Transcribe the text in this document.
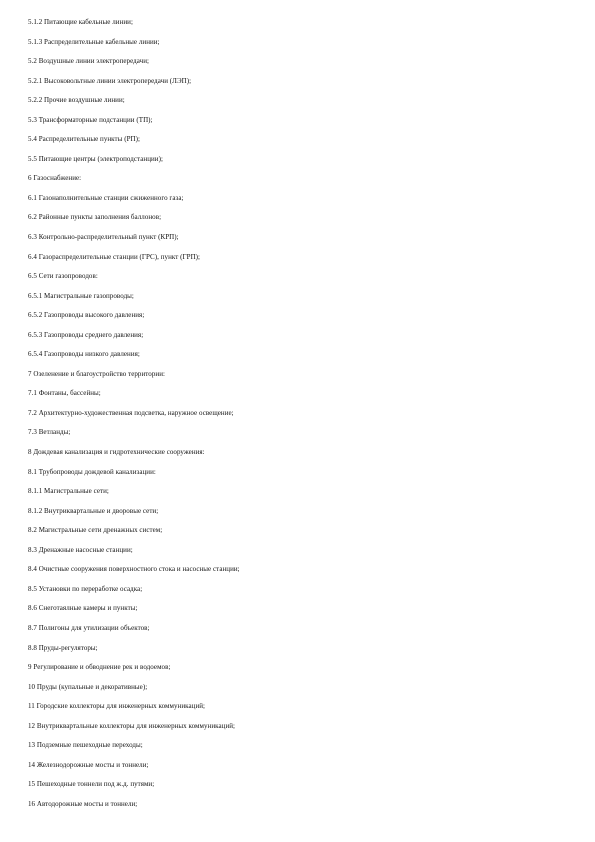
5.1.2 Питающие кабельные линии;
5.1.3 Распределительные кабельные линии;
5.2 Воздушные линии электропередачи;
5.2.1 Высоковольтные линии электропередачи (ЛЭП);
5.2.2 Прочие воздушные линии;
5.3 Трансформаторные подстанции (ТП);
5.4 Распределительные пункты (РП);
5.5 Питающие центры (электроподстанции);
6 Газоснабжение:
6.1 Газонаполнительные станции сжиженного газа;
6.2 Районные пункты заполнения баллонов;
6.3 Контрольно-распределительный пункт (КРП);
6.4 Газораспределительные станции (ГРС), пункт (ГРП);
6.5 Сети газопроводов:
6.5.1 Магистральные газопроводы;
6.5.2 Газопроводы высокого давления;
6.5.3 Газопроводы среднего давления;
6.5.4 Газопроводы низкого давления;
7 Озеленение и благоустройство территории:
7.1 Фонтаны, бассейны;
7.2 Архитектурно-художественная подсветка, наружное освещение;
7.3 Ветланды;
8 Дождевая канализация и гидротехнические сооружения:
8.1 Трубопроводы дождевой канализации:
8.1.1 Магистральные сети;
8.1.2 Внутриквартальные и дворовые сети;
8.2 Магистральные сети дренажных систем;
8.3 Дренажные насосные станции;
8.4 Очистные сооружения поверхностного стока и насосные станции;
8.5 Установки по переработке осадка;
8.6 Снеготаялные камеры и пункты;
8.7 Полигоны для утилизации объектов;
8.8 Пруды-регуляторы;
9 Регулирование и обводнение рек и водоемов;
10 Пруды (купальные и декоративные);
11 Городские коллекторы для инженерных коммуникаций;
12 Внутриквартальные коллекторы для инженерных коммуникаций;
13 Подземные пешеходные переходы;
14 Железнодорожные мосты и тоннели;
15 Пешеходные тоннели под ж.д. путями;
16 Автодорожные мосты и тоннели;
